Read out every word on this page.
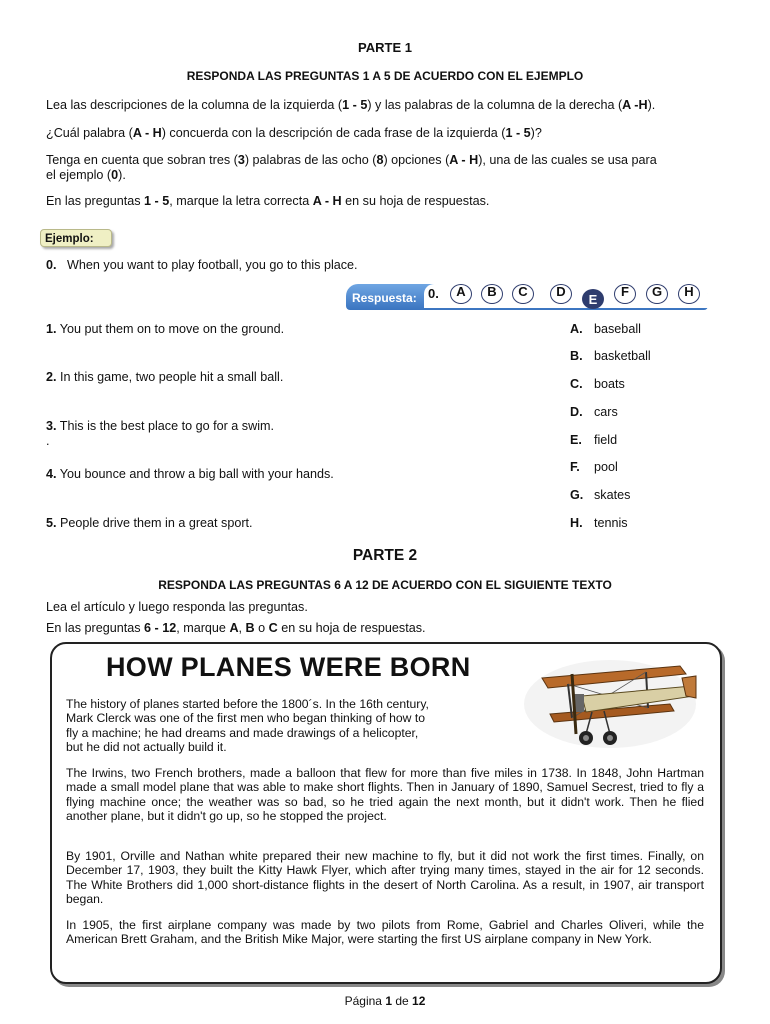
PARTE 1
RESPONDA LAS PREGUNTAS 1 A 5 DE ACUERDO CON EL EJEMPLO
Lea las descripciones de la columna de la izquierda (1 - 5) y las palabras de la columna de la derecha (A -H).
¿Cuál palabra (A - H) concuerda con la descripción de cada frase de la izquierda (1 - 5)?
Tenga en cuenta que sobran tres (3) palabras de las ocho (8) opciones (A - H), una de las cuales se usa para
el ejemplo (0).
En las preguntas 1 - 5, marque la letra correcta A - H en su hoja de respuestas.
Ejemplo:
0. When you want to play football, you go to this place.
Respuesta: 0.	A	B	C	D
E
F	G	H
1. You put them on to move on the ground.
2. In this game, two people hit a small ball.
3. This is the best place to go for a swim.
.
4. You bounce and throw a big ball with your hands.
5. People drive them in a great sport.
A. baseball
B. basketball
C. boats
D. cars
E. field
F. pool
G. skates
H. tennis
PARTE 2
RESPONDA LAS PREGUNTAS 6 A 12 DE ACUERDO CON EL SIGUIENTE TEXTO
Lea el artículo y luego responda las preguntas.
En las preguntas 6 - 12, marque A, B o C en su hoja de respuestas.
HOW PLANES WERE BORN
The history of planes started before the 1800´s. In the 16th century,
Mark Clerck was one of the first men who began thinking of how to
fly a machine; he had dreams and made drawings of a helicopter,
but he did not actually build it.
The Irwins, two French brothers, made a balloon that flew for more than five miles in 1738. In 1848, John Hartman made a small model plane that was able to make short flights. Then in January of 1890, Samuel Secrest, tried to fly a flying machine once; the weather was so bad, so he tried again the next month, but it didn't work. Then he flied another plane, but it didn't go up, so he stopped the project.
By 1901, Orville and Nathan white prepared their new machine to fly, but it did not work the first times. Finally, on December 17, 1903, they built the Kitty Hawk Flyer, which after trying many times, stayed in the air for 12 seconds. The White Brothers did 1,000 short-distance flights in the desert of North Carolina. As a result, in 1907, air transport began.
In 1905, the first airplane company was made by two pilots from Rome, Gabriel and Charles Oliveri, while the American Brett Graham, and the British Mike Major, were starting the first US airplane company in New York.
Página 1 de 12
